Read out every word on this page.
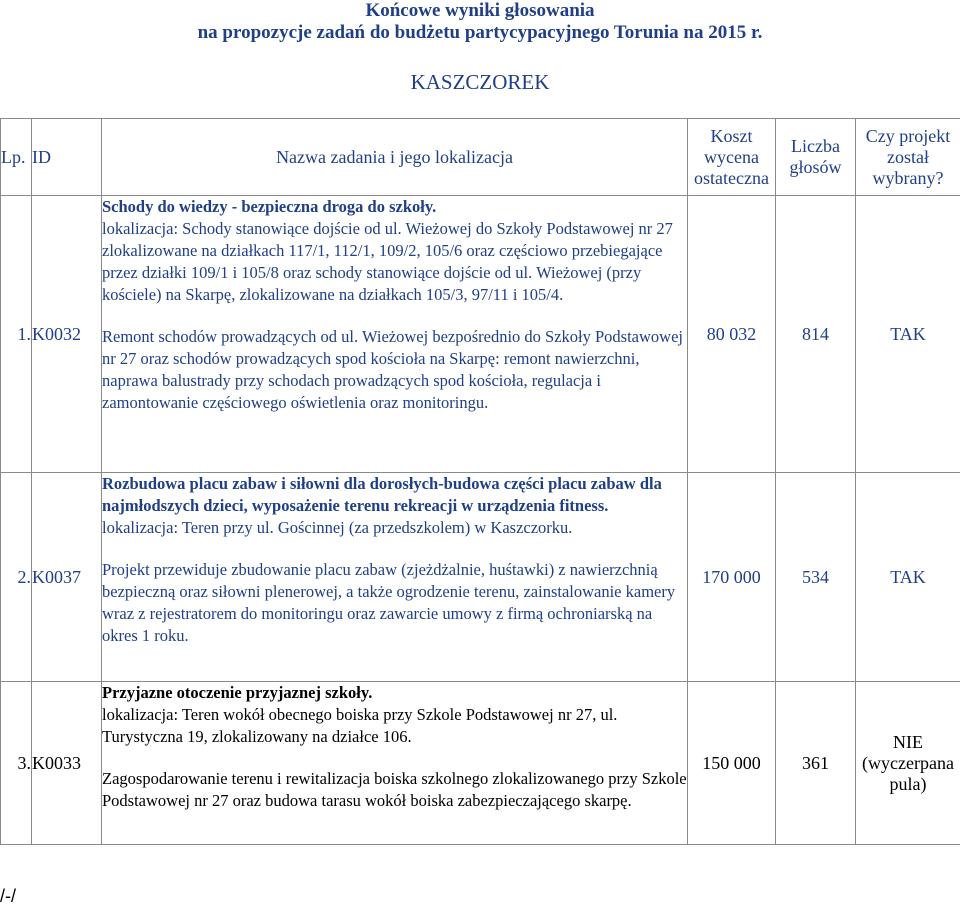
Końcowe wyniki głosowania
na propozycje zadań do budżetu partycypacyjnego Torunia na 2015 r.
KASZCZOREK
Lp.	ID	Nazwa zadania i jego lokalizacja	Koszt wycena ostateczna	Liczba głosów	Czy projekt został wybrany?
1.	K0032	Schody do wiedzy - bezpieczna droga do szkoły.

lokalizacja: Schody stanowiące dojście od ul. Wieżowej do Szkoły Podstawowej nr 27 zlokalizowane na działkach 117/1, 112/1, 109/2, 105/6 oraz częściowo przebiegające przez działki 109/1 i 105/8 oraz schody stanowiące dojście od ul. Wieżowej (przy kościele) na Skarpę, zlokalizowane na działkach 105/3, 97/11 i 105/4.

Remont schodów prowadzących od ul. Wieżowej bezpośrednio do Szkoły Podstawowej nr 27 oraz schodów prowadzących spod kościoła na Skarpę: remont nawierzchni, naprawa balustrady przy schodach prowadzących spod kościoła, regulacja i zamontowanie częściowego oświetlenia oraz monitoringu.	80 032	814	TAK
2.	K0037	Rozbudowa placu zabaw i siłowni dla dorosłych-budowa części placu zabaw dla najmłodszych dzieci, wyposażenie terenu rekreacji w urządzenia fitness.

lokalizacja: Teren przy ul. Gościnnej (za przedszkolem) w Kaszczorku.

Projekt przewiduje zbudowanie placu zabaw (zjeżdżalnie, huśtawki) z nawierzchnią bezpieczną oraz siłowni plenerowej, a także ogrodzenie terenu, zainstalowanie kamery wraz z rejestratorem do monitoringu oraz zawarcie umowy z firmą ochroniarską na okres 1 roku.	170 000	534	TAK
3.	K0033	Przyjazne otoczenie przyjaznej szkoły.

lokalizacja: Teren wokół obecnego boiska przy Szkole Podstawowej nr 27, ul. Turystyczna 19, zlokalizowany na działce 106.

Zagospodarowanie terenu i rewitalizacja boiska szkolnego zlokalizowanego przy Szkole Podstawowej nr 27 oraz budowa tarasu wokół boiska zabezpieczającego skarpę.	150 000	361	NIE (wyczerpana pula)
/-/
